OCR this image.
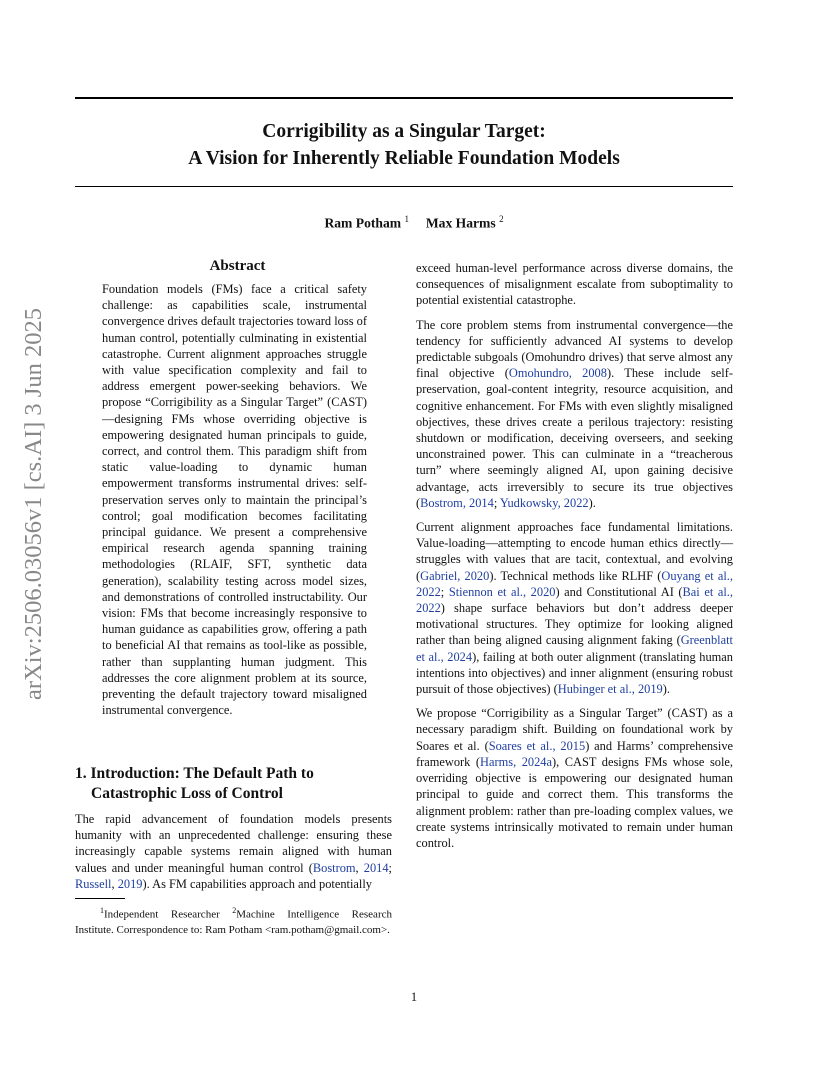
arXiv:2506.03056v1 [cs.AI] 3 Jun 2025
Corrigibility as a Singular Target:
A Vision for Inherently Reliable Foundation Models
Ram Potham $^1$ Max Harms $^2$
Abstract

Foundation models (FMs) face a critical safety challenge: as capabilities scale, instrumental convergence drives default trajectories toward loss of human control, potentially culminating in existential catastrophe. Current alignment approaches struggle with value specification complexity and fail to address emergent power-seeking behaviors. We propose “Corrigibility as a Singular Target” (CAST)—designing FMs whose overriding objective is empowering designated human principals to guide, correct, and control them. This paradigm shift from static value-loading to dynamic human empowerment transforms instrumental drives: self-preservation serves only to maintain the principal’s control; goal modification becomes facilitating principal guidance. We present a comprehensive empirical research agenda spanning training methodologies (RLAIF, SFT, synthetic data generation), scalability testing across model sizes, and demonstrations of controlled instructability. Our vision: FMs that become increasingly responsive to human guidance as capabilities grow, offering a path to beneficial AI that remains as tool-like as possible, rather than supplanting human judgment. This addresses the core alignment problem at its source, preventing the default trajectory toward misaligned instrumental convergence.

1. Introduction: The Default Path to
Catastrophic Loss of Control

The rapid advancement of foundation models presents humanity with an unprecedented challenge: ensuring these increasingly capable systems remain aligned with human values and under meaningful human control (Bostrom, 2014; Russell, 2019). As FM capabilities approach and potentially

$^1$Independent Researcher $^2$Machine Intelligence Research Institute. Correspondence to: Ram Potham <ram.potham@gmail.com>.

exceed human-level performance across diverse domains, the consequences of misalignment escalate from suboptimality to potential existential catastrophe.

The core problem stems from instrumental convergence—the tendency for sufficiently advanced AI systems to develop predictable subgoals (Omohundro drives) that serve almost any final objective (Omohundro, 2008). These include self-preservation, goal-content integrity, resource acquisition, and cognitive enhancement. For FMs with even slightly misaligned objectives, these drives create a perilous trajectory: resisting shutdown or modification, deceiving overseers, and seeking unconstrained power. This can culminate in a “treacherous turn” where seemingly aligned AI, upon gaining decisive advantage, acts irreversibly to secure its true objectives (Bostrom, 2014; Yudkowsky, 2022).

Current alignment approaches face fundamental limitations. Value-loading—attempting to encode human ethics directly—struggles with values that are tacit, contextual, and evolving (Gabriel, 2020). Technical methods like RLHF (Ouyang et al., 2022; Stiennon et al., 2020) and Constitutional AI (Bai et al., 2022) shape surface behaviors but don’t address deeper motivational structures. They optimize for looking aligned rather than being aligned causing alignment faking (Greenblatt et al., 2024), failing at both outer alignment (translating human intentions into objectives) and inner alignment (ensuring robust pursuit of those objectives) (Hubinger et al., 2019).

We propose “Corrigibility as a Singular Target” (CAST) as a necessary paradigm shift. Building on foundational work by Soares et al. (Soares et al., 2015) and Harms’ comprehensive framework (Harms, 2024a), CAST designs FMs whose sole, overriding objective is empowering our designated human principal to guide and correct them. This transforms the alignment problem: rather than pre-loading complex values, we create systems intrinsically motivated to remain under human control.

1
